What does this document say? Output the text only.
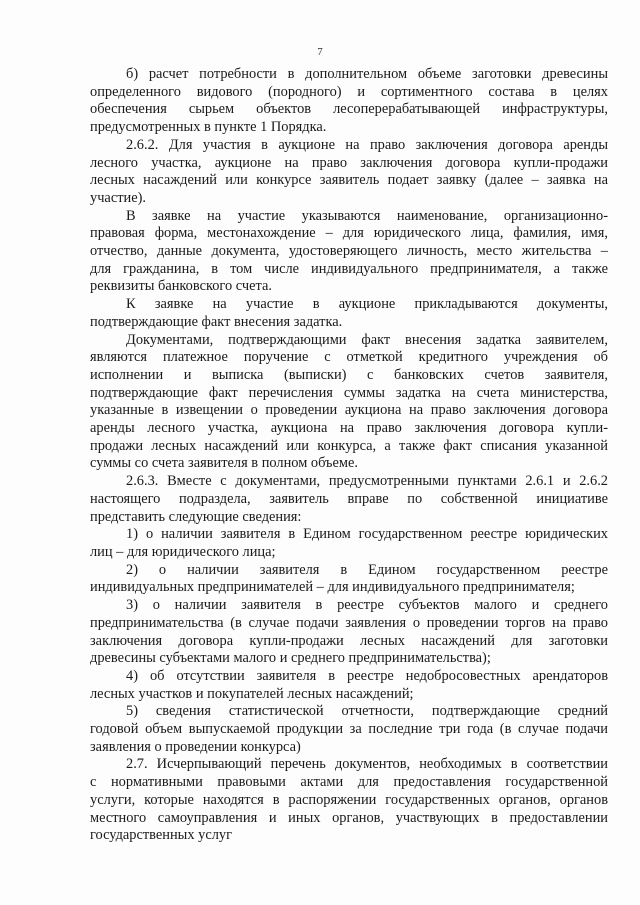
7

б) расчет потребности в дополнительном объеме заготовки древесины
определенного видового (породного) и сортиментного состава в целях
обеспечения сырьем объектов лесоперерабатывающей инфраструктуры,
предусмотренных в пункте 1 Порядка.

2.6.2. Для участия в аукционе на право заключения договора аренды
лесного участка, аукционе на право заключения договора купли-продажи
лесных насаждений или конкурсе заявитель подает заявку (далее – заявка на
участие).

В заявке на участие указываются наименование, организационно-
правовая форма, местонахождение – для юридического лица, фамилия, имя,
отчество, данные документа, удостоверяющего личность, место жительства –
для гражданина, в том числе индивидуального предпринимателя, а также
реквизиты банковского счета.

К заявке на участие в аукционе прикладываются документы,
подтверждающие факт внесения задатка.

Документами, подтверждающими факт внесения задатка заявителем,
являются платежное поручение с отметкой кредитного учреждения об
исполнении и выписка (выписки) с банковских счетов заявителя,
подтверждающие факт перечисления суммы задатка на счета министерства,
указанные в извещении о проведении аукциона на право заключения договора
аренды лесного участка, аукциона на право заключения договора купли-
продажи лесных насаждений или конкурса, а также факт списания указанной
суммы со счета заявителя в полном объеме.

2.6.3. Вместе с документами, предусмотренными пунктами 2.6.1 и 2.6.2
настоящего подраздела, заявитель вправе по собственной инициативе
представить следующие сведения:

1) о наличии заявителя в Едином государственном реестре юридических
лиц – для юридического лица;

2) о наличии заявителя в Едином государственном реестре
индивидуальных предпринимателей – для индивидуального предпринимателя;

3) о наличии заявителя в реестре субъектов малого и среднего
предпринимательства (в случае подачи заявления о проведении торгов на право
заключения договора купли-продажи лесных насаждений для заготовки
древесины субъектами малого и среднего предпринимательства);

4) об отсутствии заявителя в реестре недобросовестных арендаторов
лесных участков и покупателей лесных насаждений;

5) сведения статистической отчетности, подтверждающие средний
годовой объем выпускаемой продукции за последние три года (в случае подачи
заявления о проведении конкурса)

2.7. Исчерпывающий перечень документов, необходимых в соответствии
с нормативными правовыми актами для предоставления государственной
услуги, которые находятся в распоряжении государственных органов, органов
местного самоуправления и иных органов, участвующих в предоставлении
государственных услуг
